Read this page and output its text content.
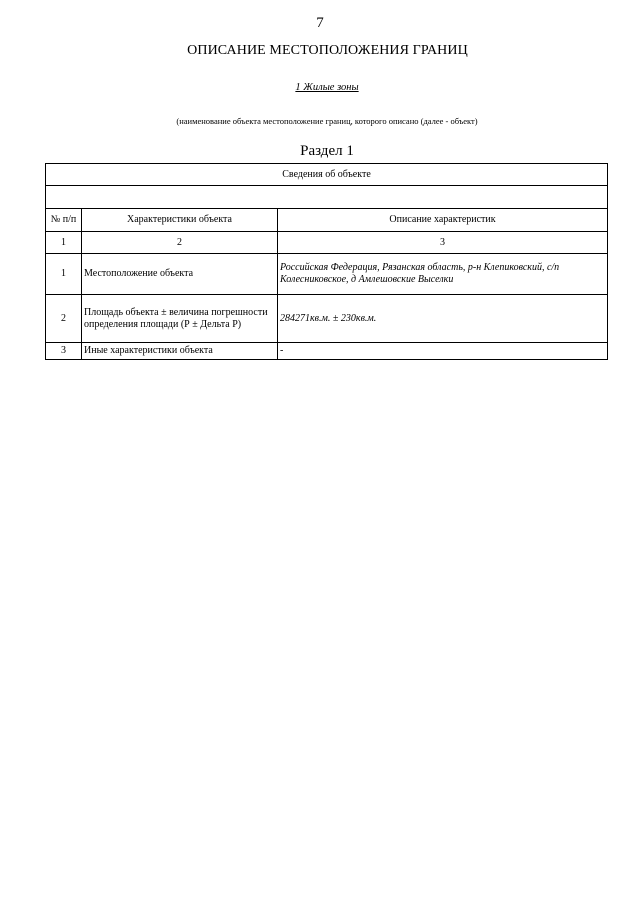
7
ОПИСАНИЕ МЕСТОПОЛОЖЕНИЯ ГРАНИЦ
1 Жилые зоны
(наименование объекта местоположение границ, которого описано (далее - объект)
Раздел 1
Сведения об объекте		

№ п/п	Характеристики объекта	Описание характеристик
1	2	3
1	Местоположение объекта	Российская Федерация, Рязанская область, р-н Клепиковский, с/п Колесниковское, д Амлешовские Выселки
2	Площадь объекта ± величина погрешности определения площади (Р ± Дельта Р)	284271кв.м. ± 230кв.м.
3	Иные характеристики объекта	-
